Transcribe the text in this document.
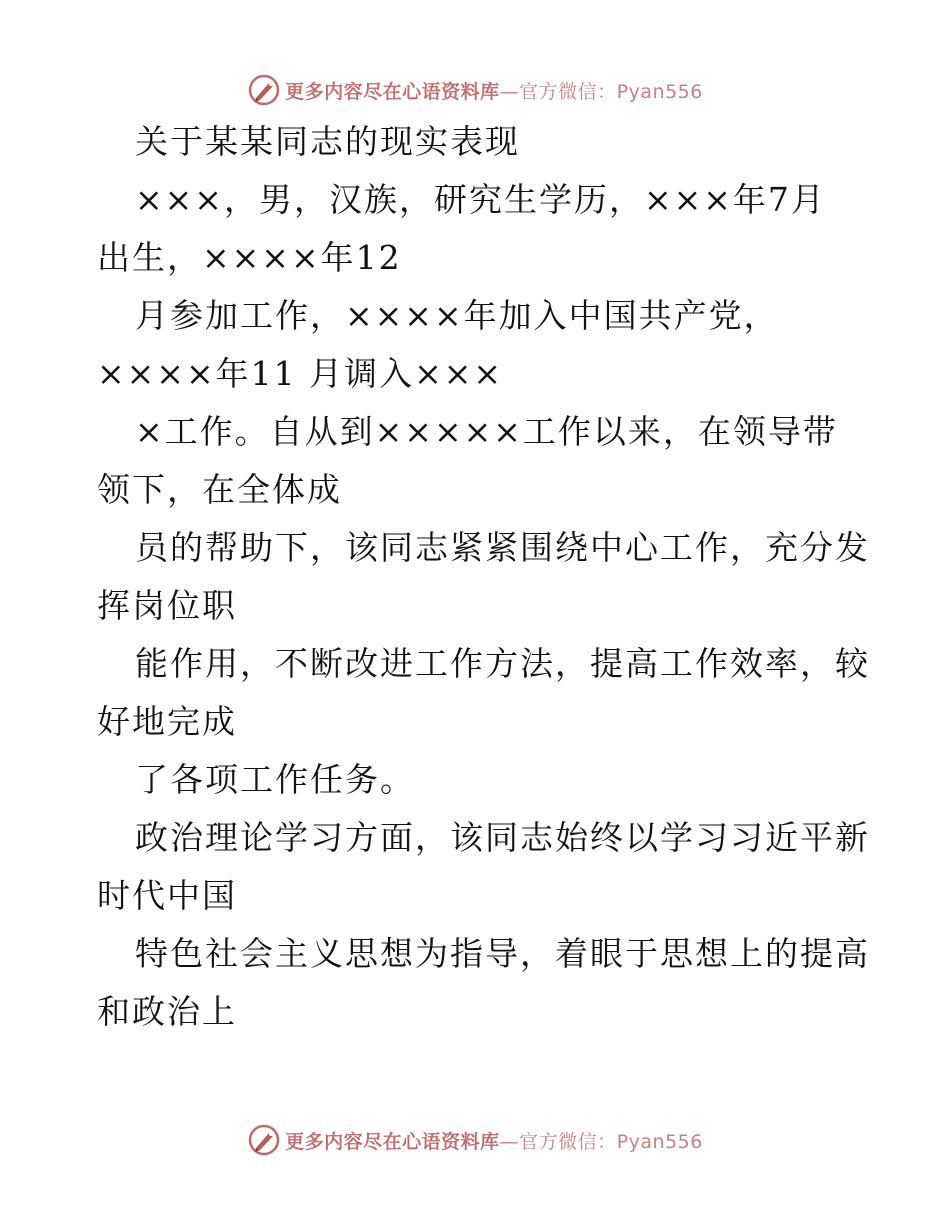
更多内容尽在心语资料库—官方微信：Pyan556
关于某某同志的现实表现
×××，男，汉族，研究生学历，×××年7月
出生，××××年12
月参加工作，××××年加入中国共产党，
××××年11 月调入×××
×工作。自从到×××××工作以来，在领导带
领下，在全体成
员的帮助下，该同志紧紧围绕中心工作，充分发
挥岗位职
能作用，不断改进工作方法，提高工作效率，较
好地完成
了各项工作任务。
政治理论学习方面，该同志始终以学习习近平新
时代中国
特色社会主义思想为指导，着眼于思想上的提高
和政治上
更多内容尽在心语资料库—官方微信：Pyan556
